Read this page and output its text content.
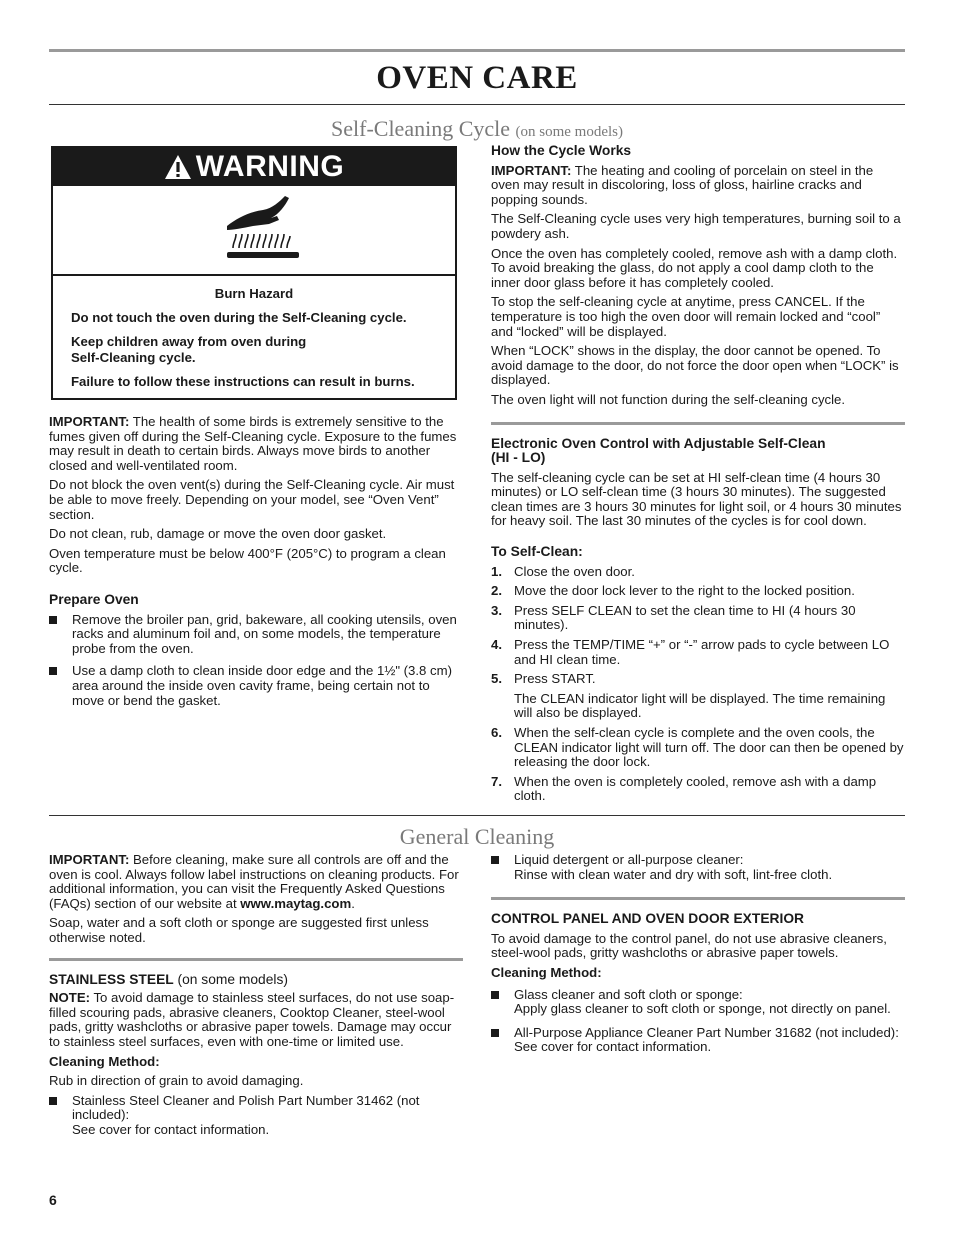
OVEN CARE
Self-Cleaning Cycle (on some models)
WARNING

Burn Hazard

Do not touch the oven during the Self-Cleaning cycle.

Keep children away from oven during
Self-Cleaning cycle.

Failure to follow these instructions can result in burns.

IMPORTANT: The health of some birds is extremely sensitive to the fumes given off during the Self-Cleaning cycle. Exposure to the fumes may result in death to certain birds. Always move birds to another closed and well-ventilated room.

Do not block the oven vent(s) during the Self-Cleaning cycle. Air must be able to move freely. Depending on your model, see “Oven Vent” section.

Do not clean, rub, damage or move the oven door gasket.

Oven temperature must be below 400°F (205°C) to program a clean cycle.

Prepare Oven
Remove the broiler pan, grid, bakeware, all cooking utensils, oven racks and aluminum foil and, on some models, the temperature probe from the oven.
Use a damp cloth to clean inside door edge and the 1½" (3.8 cm) area around the inside oven cavity frame, being certain not to move or bend the gasket.
How the Cycle Works

IMPORTANT: The heating and cooling of porcelain on steel in the oven may result in discoloring, loss of gloss, hairline cracks and popping sounds.

The Self-Cleaning cycle uses very high temperatures, burning soil to a powdery ash.

Once the oven has completely cooled, remove ash with a damp cloth. To avoid breaking the glass, do not apply a cool damp cloth to the inner door glass before it has completely cooled.

To stop the self-cleaning cycle at anytime, press CANCEL. If the temperature is too high the oven door will remain locked and “cool” and “locked” will be displayed.

When “LOCK” shows in the display, the door cannot be opened. To avoid damage to the door, do not force the door open when “LOCK” is displayed.

The oven light will not function during the self-cleaning cycle.

Electronic Oven Control with Adjustable Self-Clean
(HI - LO)

The self-cleaning cycle can be set at HI self-clean time (4 hours 30 minutes) or LO self-clean time (3 hours 30 minutes). The suggested clean times are 3 hours 30 minutes for light soil, or 4 hours 30 minutes for heavy soil. The last 30 minutes of the cycles is for cool down.

To Self-Clean:
1. Close the oven door.
2. Move the door lock lever to the right to the locked position.
3. Press SELF CLEAN to set the clean time to HI (4 hours 30 minutes).
4. Press the TEMP/TIME “+” or “-” arrow pads to cycle between LO and HI clean time.
5. Press START.
The CLEAN indicator light will be displayed. The time remaining will also be displayed.
6. When the self-clean cycle is complete and the oven cools, the CLEAN indicator light will turn off. The door can then be opened by releasing the door lock.
7. When the oven is completely cooled, remove ash with a damp cloth.
General Cleaning

IMPORTANT: Before cleaning, make sure all controls are off and the oven is cool. Always follow label instructions on cleaning products. For additional information, you can visit the Frequently Asked Questions (FAQs) section of our website at www.maytag.com.

Soap, water and a soft cloth or sponge are suggested first unless otherwise noted.

STAINLESS STEEL (on some models)

NOTE: To avoid damage to stainless steel surfaces, do not use soap-filled scouring pads, abrasive cleaners, Cooktop Cleaner, steel-wool pads, gritty washcloths or abrasive paper towels. Damage may occur to stainless steel surfaces, even with one-time or limited use.

Cleaning Method:

Rub in direction of grain to avoid damaging.

Stainless Steel Cleaner and Polish Part Number 31462 (not included):
See cover for contact information.
Liquid detergent or all-purpose cleaner:
Rinse with clean water and dry with soft, lint-free cloth.
CONTROL PANEL AND OVEN DOOR EXTERIOR

To avoid damage to the control panel, do not use abrasive cleaners, steel-wool pads, gritty washcloths or abrasive paper towels.

Cleaning Method:

Glass cleaner and soft cloth or sponge:
Apply glass cleaner to soft cloth or sponge, not directly on panel.
All-Purpose Appliance Cleaner Part Number 31682 (not included):
See cover for contact information.
6
